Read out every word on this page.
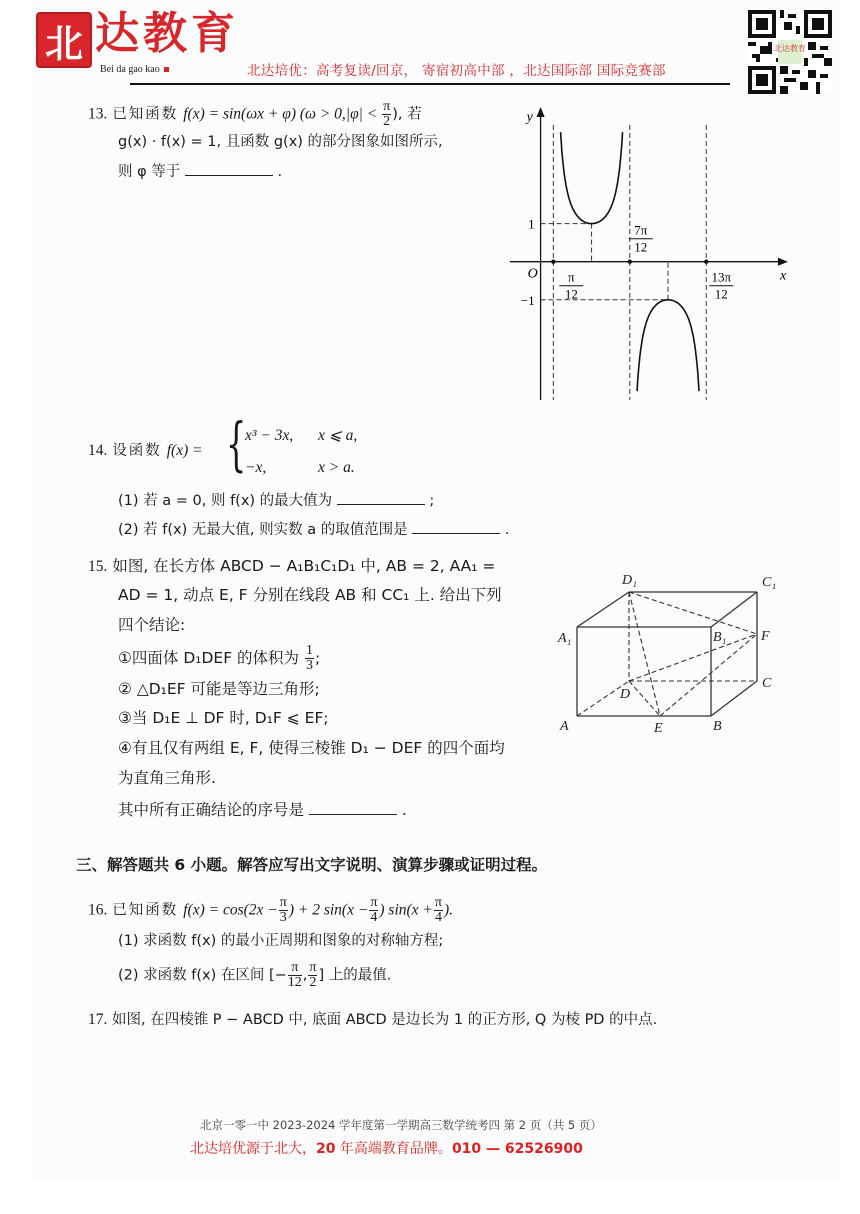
北 达教育
Bei da gao kao	北达培优：高考复读/回京， 寄宿初高中部 ，北达国际部 国际竞赛部
北达教育
13. 已知函数 f(x) = sin(ωx + φ) ($\omega > 0,|\varphi| < \frac{\pi}{2}$ ), 若
g(x) · f(x) = 1, 且函数 g(x) 的部分图象如图所示,
则 φ 等于	.
x
y
O π
12
7π
12
13π
12
1
−1
14. 设函数 f(x) = {
x³ − 3x, x ⩽ a,
−x,	x > a.
(1) 若 a = 0, 则 f(x) 的最大值为	;
(2) 若 f(x) 无最大值, 则实数 a 的取值范围是	.
15. 如图, 在长方体 ABCD − A₁B₁C₁D₁ 中, AB = 2, AA₁ =
AD = 1, 动点 E, F 分别在线段 AB 和 CC₁ 上. 给出下列
四个结论:
①四面体 D₁DEF 的体积为 $\frac{1}{3}$ ;
② △D₁EF 可能是等边三角形;
③当 D₁E ⊥ DF 时, D₁F ⩽ EF;
④有且仅有两组 E, F, 使得三棱锥 D₁ − DEF 的四个面均
为直角三角形.
其中所有正确结论的序号是	.
D₁	C₁
A₁	B₁ F
C
D
A	E	B
三、解答题共 6 小题。解答应写出文字说明、演算步骤或证明过程。
16. 已知函数 $f(x) = \cos(2x - \frac{\pi}{3}$ ) + 2 $\sin(x - \frac{\pi}{4}$ ) $\sin(x + \frac{\pi}{4}$ ).
(1) 求函数 f(x) 的最小正周期和图象的对称轴方程;
(2) 求函数 f(x) 在区间 [− $\frac{\pi}{12}$ , $\frac{\pi}{2}$ ] 上的最值.
17. 如图, 在四棱锥 P − ABCD 中, 底面 ABCD 是边长为 1 的正方形, Q 为棱 PD 的中点.
北京一零一中 2023-2024 学年度第一学期高三数学统考四 第 2 页（共 5 页）
北达培优源于北大，20 年高端教育品牌。010 — 62526900
